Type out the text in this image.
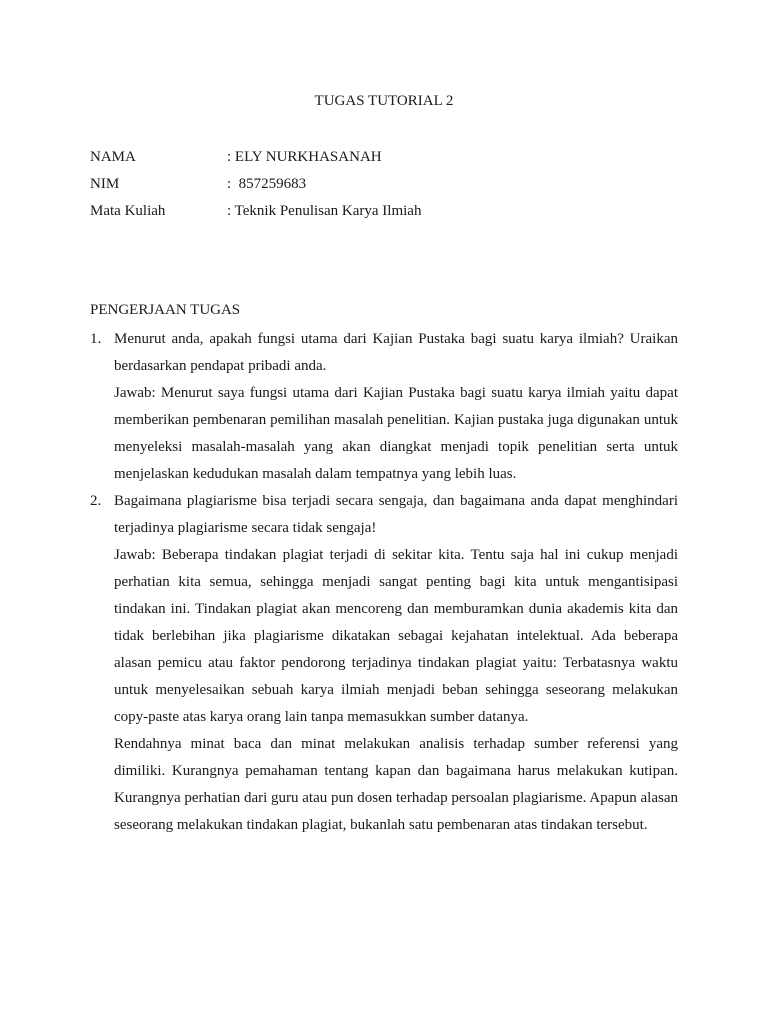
TUGAS TUTORIAL 2
NAMA	: ELY NURKHASANAH
NIM	:  857259683
Mata Kuliah	: Teknik Penulisan Karya Ilmiah
PENGERJAAN TUGAS
1. Menurut anda, apakah fungsi utama dari Kajian Pustaka bagi suatu karya ilmiah? Uraikan berdasarkan pendapat pribadi anda.

Jawab: Menurut saya fungsi utama dari Kajian Pustaka bagi suatu karya ilmiah yaitu dapat memberikan pembenaran pemilihan masalah penelitian. Kajian pustaka juga digunakan untuk menyeleksi masalah-masalah yang akan diangkat menjadi topik penelitian serta untuk menjelaskan kedudukan masalah dalam tempatnya yang lebih luas.

2. Bagaimana plagiarisme bisa terjadi secara sengaja, dan bagaimana anda dapat menghindari terjadinya plagiarisme secara tidak sengaja!

Jawab: Beberapa tindakan plagiat terjadi di sekitar kita. Tentu saja hal ini cukup menjadi perhatian kita semua, sehingga menjadi sangat penting bagi kita untuk mengantisipasi tindakan ini. Tindakan plagiat akan mencoreng dan memburamkan dunia akademis kita dan tidak berlebihan jika plagiarisme dikatakan sebagai kejahatan intelektual. Ada beberapa alasan pemicu atau faktor pendorong terjadinya tindakan plagiat yaitu: Terbatasnya waktu untuk menyelesaikan sebuah karya ilmiah menjadi beban sehingga seseorang melakukan copy-paste atas karya orang lain tanpa memasukkan sumber datanya.

Rendahnya minat baca dan minat melakukan analisis terhadap sumber referensi yang dimiliki. Kurangnya pemahaman tentang kapan dan bagaimana harus melakukan kutipan. Kurangnya perhatian dari guru atau pun dosen terhadap persoalan plagiarisme. Apapun alasan seseorang melakukan tindakan plagiat, bukanlah satu pembenaran atas tindakan tersebut.
